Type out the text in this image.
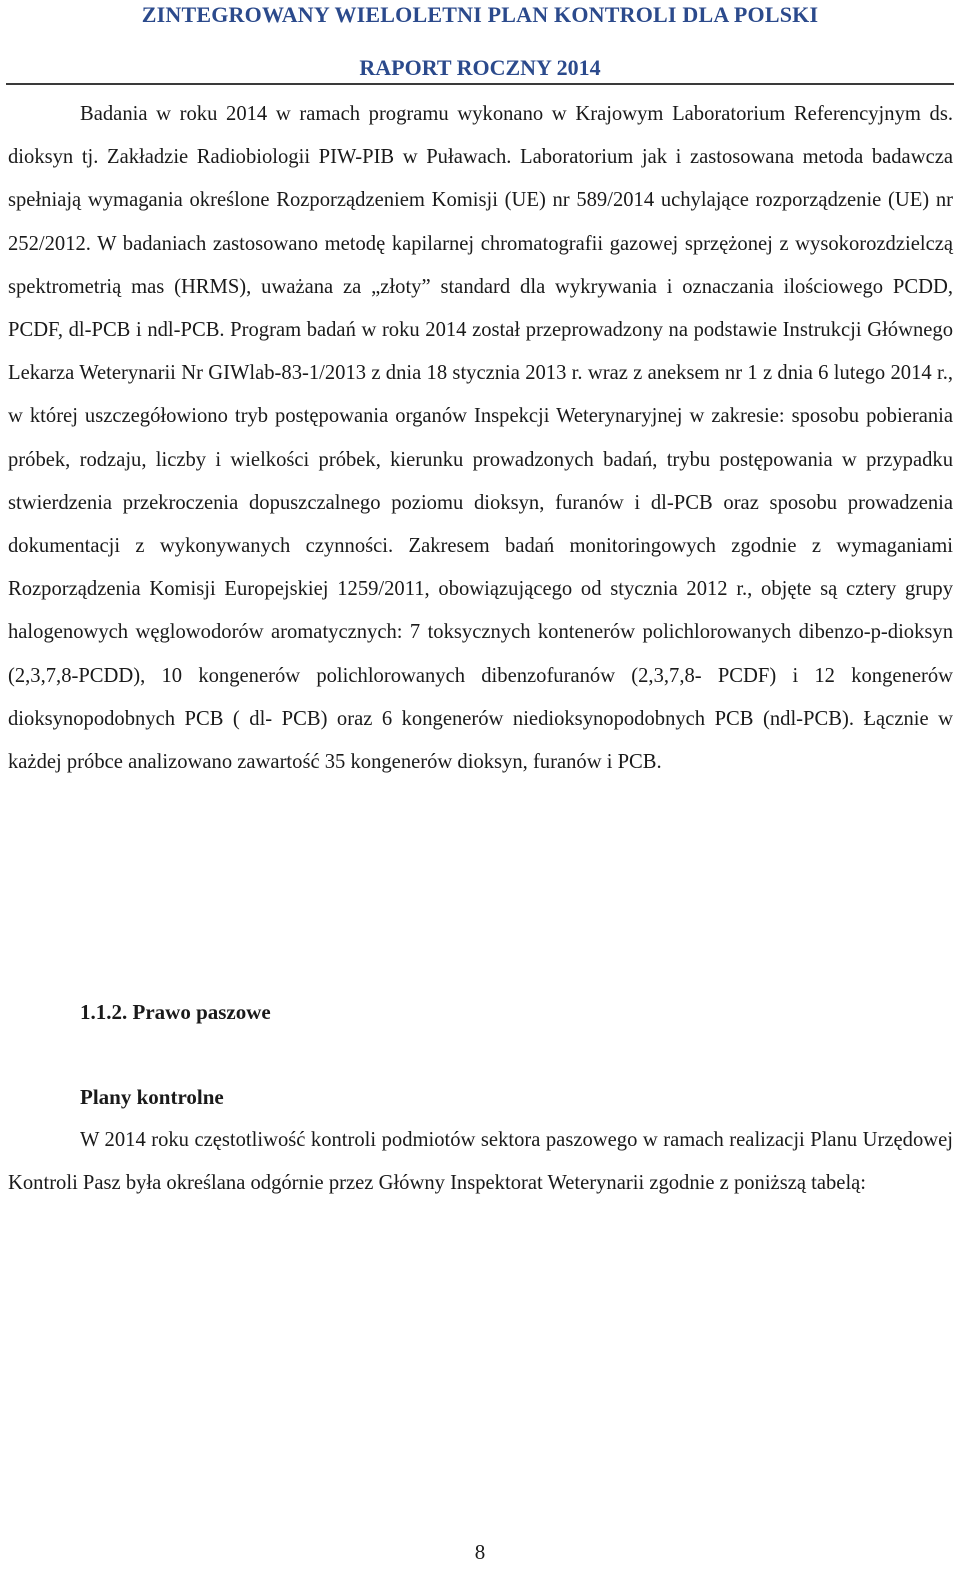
ZINTEGROWANY WIELOLETNI PLAN KONTROLI DLA POLSKI
RAPORT ROCZNY 2014

Badania w roku 2014 w ramach programu wykonano w Krajowym Laboratorium Referencyjnym ds. dioksyn tj. Zakładzie Radiobiologii PIW-PIB w Puławach. Laboratorium jak i zastosowana metoda badawcza spełniają wymagania określone Rozporządzeniem Komisji (UE) nr 589/2014 uchylające rozporządzenie (UE) nr 252/2012. W badaniach zastosowano metodę kapilarnej chromatografii gazowej sprzężonej z wysokorozdzielczą spektrometrią mas (HRMS), uważana za „złoty” standard dla wykrywania i oznaczania ilościowego PCDD, PCDF, dl-PCB i ndl-PCB. Program badań w roku 2014 został przeprowadzony na podstawie Instrukcji Głównego Lekarza Weterynarii Nr GIWlab-83-1/2013 z dnia 18 stycznia 2013 r. wraz z aneksem nr 1 z dnia 6 lutego 2014 r., w której uszczegółowiono tryb postępowania organów Inspekcji Weterynaryjnej w zakresie: sposobu pobierania próbek, rodzaju, liczby i wielkości próbek, kierunku prowadzonych badań, trybu postępowania w przypadku stwierdzenia przekroczenia dopuszczalnego poziomu dioksyn, furanów i dl-PCB oraz sposobu prowadzenia dokumentacji z wykonywanych czynności. Zakresem badań monitoringowych zgodnie z wymaganiami Rozporządzenia Komisji Europejskiej 1259/2011, obowiązującego od stycznia 2012 r., objęte są cztery grupy halogenowych węglowodorów aromatycznych: 7 toksycznych kontenerów polichlorowanych dibenzo-p-dioksyn (2,3,7,8-PCDD), 10 kongenerów polichlorowanych dibenzofuranów (2,3,7,8- PCDF) i 12 kongenerów dioksynopodobnych PCB ( dl- PCB) oraz 6 kongenerów niedioksynopodobnych PCB (ndl-PCB). Łącznie w każdej próbce analizowano zawartość 35 kongenerów dioksyn, furanów i PCB.

1.1.2. Prawo paszowe
Plany kontrolne

W 2014 roku częstotliwość kontroli podmiotów sektora paszowego w ramach realizacji Planu Urzędowej Kontroli Pasz była określana odgórnie przez Główny Inspektorat Weterynarii zgodnie z poniższą tabelą:

8
